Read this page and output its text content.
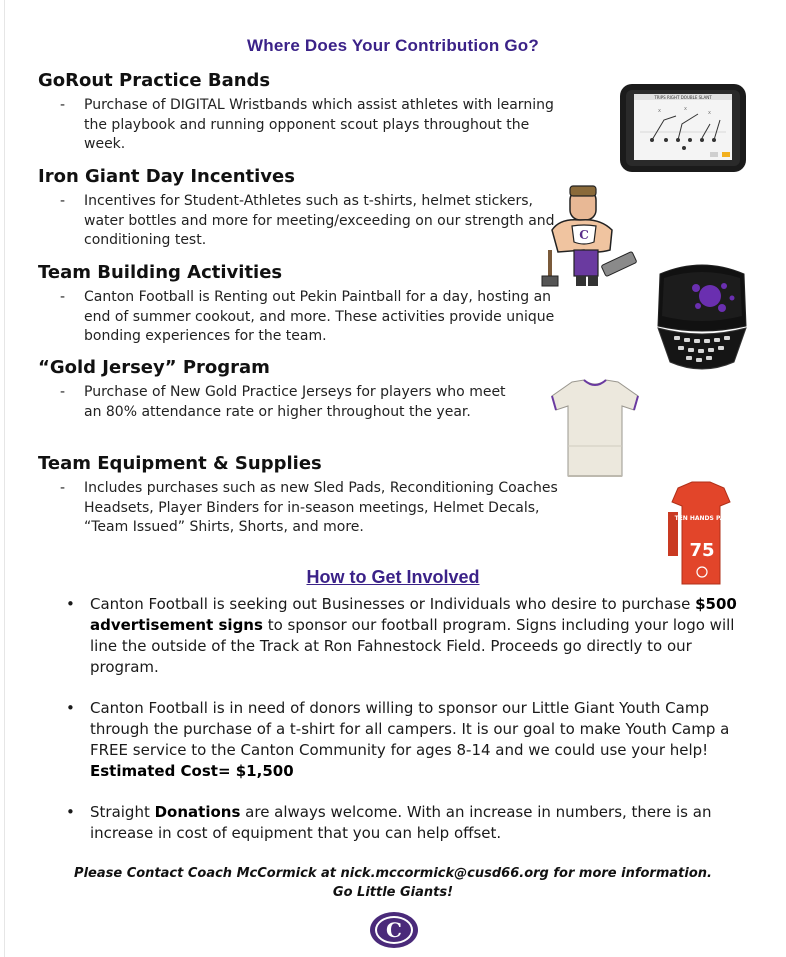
Where Does Your Contribution Go?
GoRout Practice Bands
- Purchase of DIGITAL Wristbands which assist athletes with learning the playbook and running opponent scout plays throughout the week.
Iron Giant Day Incentives
- Incentives for Student-Athletes such as t-shirts, helmet stickers, water bottles and more for meeting/exceeding on our strength and conditioning test.
Team Building Activities
- Canton Football is Renting out Pekin Paintball for a day, hosting an end of summer cookout, and more. These activities provide unique bonding experiences for the team.
“Gold Jersey” Program
- Purchase of New Gold Practice Jerseys for players who meet an 80% attendance rate or higher throughout the year.
Team Equipment & Supplies
- Includes purchases such as new Sled Pads, Reconditioning Coaches Headsets, Player Binders for in-season meetings, Helmet Decals, “Team Issued” Shirts, Shorts, and more.
TRIPS RIGHT DOUBLE SLANT
x	x
x
C
TEN HANDS PAD
75
How to Get Involved
• Canton Football is seeking out Businesses or Individuals who desire to purchase $500 advertisement signs to sponsor our football program. Signs including your logo will line the outside of the Track at Ron Fahnestock Field. Proceeds go directly to our program.
• Canton Football is in need of donors willing to sponsor our Little Giant Youth Camp through the purchase of a t-shirt for all campers. It is our goal to make Youth Camp a FREE service to the Canton Community for ages 8-14 and we could use your help! Estimated Cost= $1,500
• Straight Donations are always welcome. With an increase in numbers, there is an increase in cost of equipment that you can help offset.
Please Contact Coach McCormick at nick.mccormick@cusd66.org for more information.
Go Little Giants!
C
